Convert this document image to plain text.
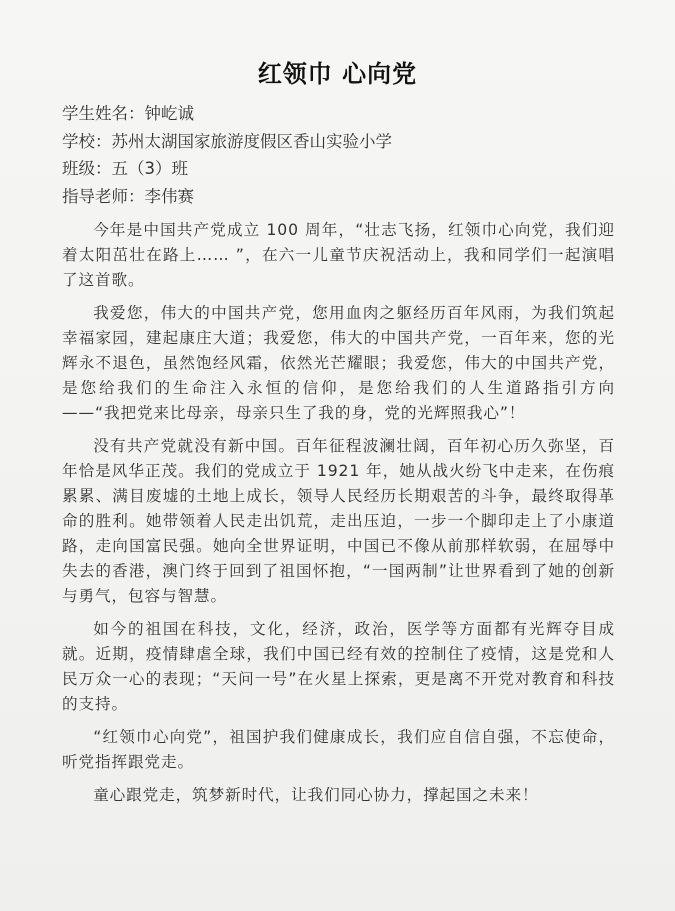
红领巾 心向党
学生姓名：钟屹诚
学校：苏州太湖国家旅游度假区香山实验小学
班级：五（3）班
指导老师：李伟赛

今年是中国共产党成立 100 周年，“壮志飞扬，红领巾心向党，我们迎着太阳茁壮在路上…… ”，在六一儿童节庆祝活动上，我和同学们一起演唱了这首歌。

我爱您，伟大的中国共产党，您用血肉之躯经历百年风雨，为我们筑起幸福家园，建起康庄大道；我爱您，伟大的中国共产党，一百年来，您的光辉永不退色，虽然饱经风霜，依然光芒耀眼；我爱您，伟大的中国共产党，是您给我们的生命注入永恒的信仰，是您给我们的人生道路指引方向——“我把党来比母亲，母亲只生了我的身，党的光辉照我心”！

没有共产党就没有新中国。百年征程波澜壮阔，百年初心历久弥坚，百年恰是风华正茂。我们的党成立于 1921 年，她从战火纷飞中走来，在伤痕累累、满目废墟的土地上成长，领导人民经历长期艰苦的斗争，最终取得革命的胜利。她带领着人民走出饥荒，走出压迫，一步一个脚印走上了小康道路，走向国富民强。她向全世界证明，中国已不像从前那样软弱，在屈辱中失去的香港，澳门终于回到了祖国怀抱，“一国两制”让世界看到了她的创新与勇气，包容与智慧。

如今的祖国在科技，文化，经济，政治，医学等方面都有光辉夺目成就。近期，疫情肆虐全球，我们中国已经有效的控制住了疫情，这是党和人民万众一心的表现；“天问一号”在火星上探索，更是离不开党对教育和科技的支持。

“红领巾心向党”，祖国护我们健康成长，我们应自信自强，不忘使命，听党指挥跟党走。

童心跟党走，筑梦新时代，让我们同心协力，撑起国之未来！
